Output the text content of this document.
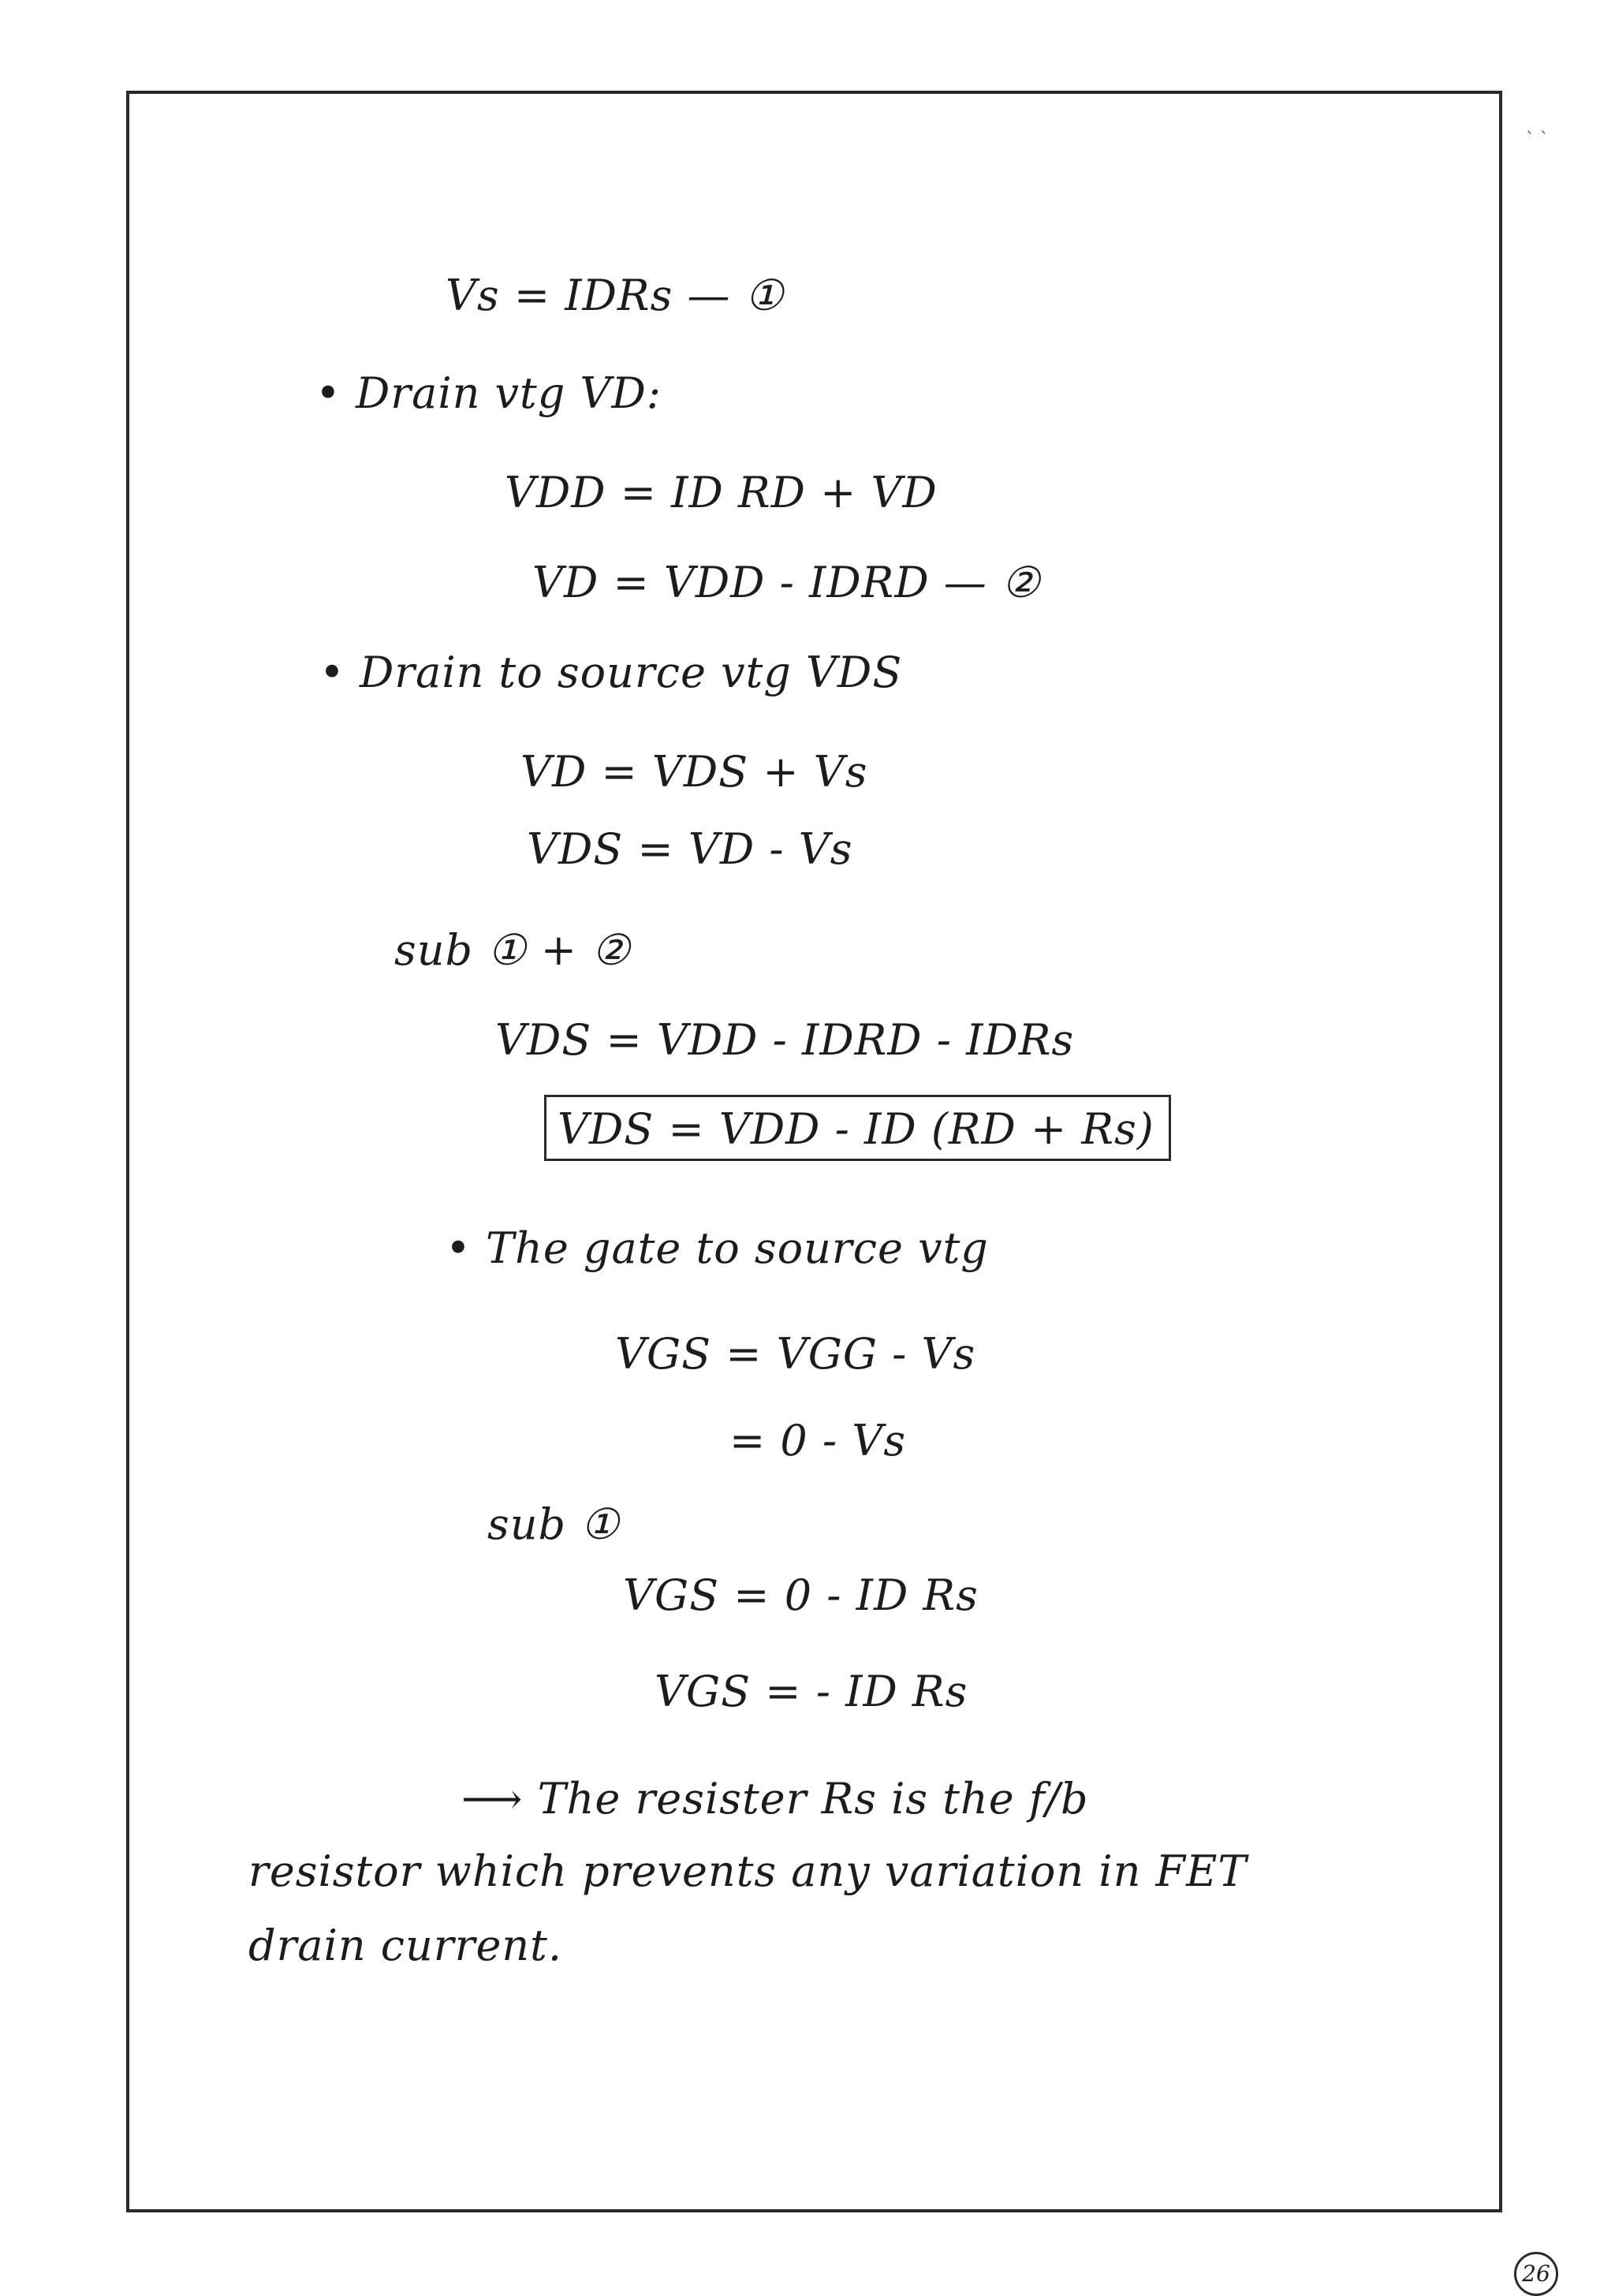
` `
Vs = IDRs — ①
• Drain vtg VD:
VDD = ID RD + VD
VD = VDD - IDRD — ②
• Drain to source vtg VDS
VD = VDS + Vs
VDS = VD - Vs
sub ① + ②
VDS = VDD - IDRD - IDRs
VDS = VDD - ID (RD + Rs)
• The gate to source vtg
VGS = VGG - Vs
= 0 - Vs
sub ①
VGS = 0 - ID Rs
VGS = - ID Rs
⟶ The resister Rs is the f/b
resistor which prevents any variation in FET
drain current.
26
